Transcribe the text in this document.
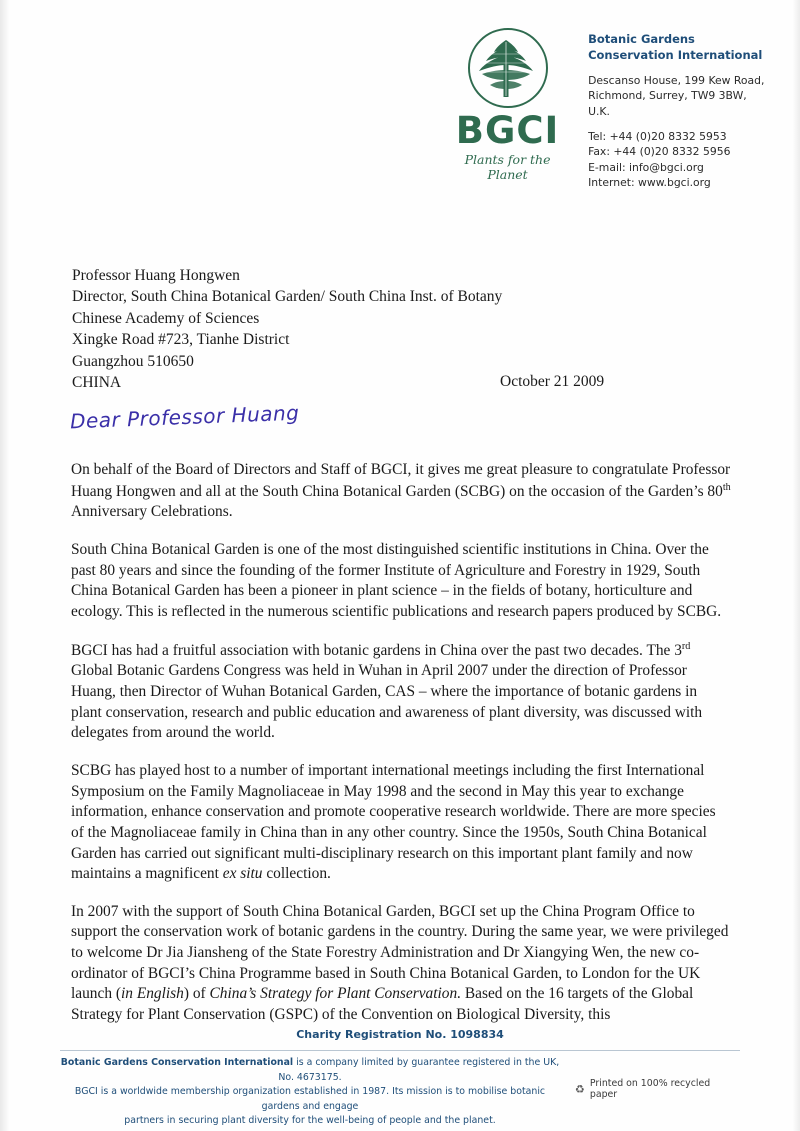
BGCI
Plants for the Planet
Botanic Gardens
Conservation International
Descanso House, 199 Kew Road,
Richmond, Surrey, TW9 3BW, U.K.
Tel: +44 (0)20 8332 5953
Fax: +44 (0)20 8332 5956
E-mail: info@bgci.org
Internet: www.bgci.org
Professor Huang Hongwen
Director, South China Botanical Garden/ South China Inst. of Botany
Chinese Academy of Sciences
Xingke Road #723, Tianhe District
Guangzhou 510650
CHINA	October 21 2009
Dear Professor Huang

On behalf of the Board of Directors and Staff of BGCI, it gives me great pleasure to congratulate Professor Huang Hongwen and all at the South China Botanical Garden (SCBG) on the occasion of the Garden’s 80th Anniversary Celebrations.

South China Botanical Garden is one of the most distinguished scientific institutions in China. Over the past 80 years and since the founding of the former Institute of Agriculture and Forestry in 1929, South China Botanical Garden has been a pioneer in plant science – in the fields of botany, horticulture and ecology. This is reflected in the numerous scientific publications and research papers produced by SCBG.

BGCI has had a fruitful association with botanic gardens in China over the past two decades. The 3rd Global Botanic Gardens Congress was held in Wuhan in April 2007 under the direction of Professor Huang, then Director of Wuhan Botanical Garden, CAS – where the importance of botanic gardens in plant conservation, research and public education and awareness of plant diversity, was discussed with delegates from around the world.

SCBG has played host to a number of important international meetings including the first International Symposium on the Family Magnoliaceae in May 1998 and the second in May this year to exchange information, enhance conservation and promote cooperative research worldwide. There are more species of the Magnoliaceae family in China than in any other country. Since the 1950s, South China Botanical Garden has carried out significant multi-disciplinary research on this important plant family and now maintains a magnificent ex situ collection.

In 2007 with the support of South China Botanical Garden, BGCI set up the China Program Office to support the conservation work of botanic gardens in the country. During the same year, we were privileged to welcome Dr Jia Jiansheng of the State Forestry Administration and Dr Xiangying Wen, the new co-ordinator of BGCI’s China Programme based in South China Botanical Garden, to London for the UK launch (in English) of China’s Strategy for Plant Conservation. Based on the 16 targets of the Global Strategy for Plant Conservation (GSPC) of the Convention on Biological Diversity, this

Charity Registration No. 1098834
Botanic Gardens Conservation International is a company limited by guarantee registered in the UK, No. 4673175.
BGCI is a worldwide membership organization established in 1987. Its mission is to mobilise botanic gardens and engage
partners in securing plant diversity for the well-being of people and the planet.
♻ Printed on 100% recycled paper
